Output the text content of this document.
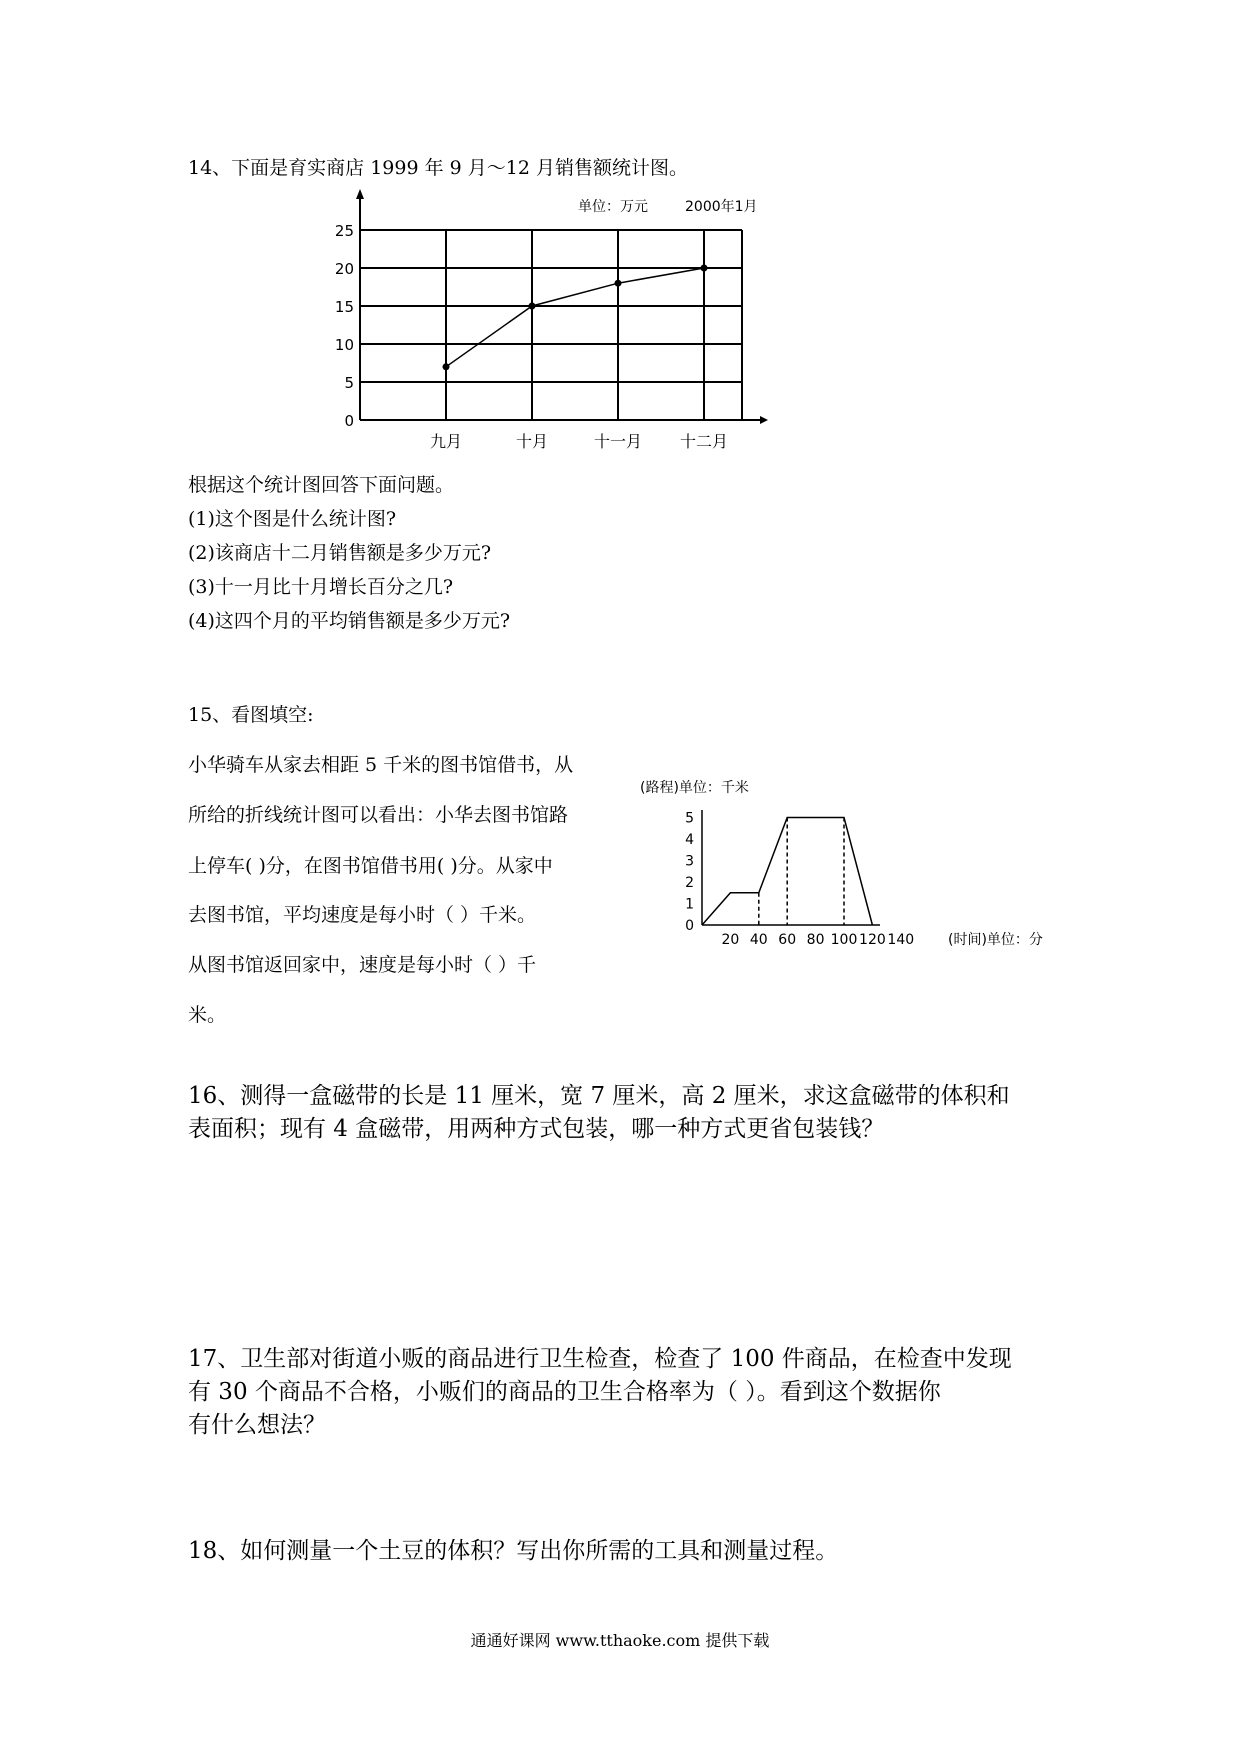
14、下面是育实商店 1999 年 9 月～12 月销售额统计图。
0
5
10
15
20
25
九月	十月	十一月 十二月
单位：万元	2000年1月
根据这个统计图回答下面问题。
(1)这个图是什么统计图?
(2)该商店十二月销售额是多少万元?
(3)十一月比十月增长百分之几?
(4)这四个月的平均销售额是多少万元?
15、看图填空:
小华骑车从家去相距 5 千米的图书馆借书，从
所给的折线统计图可以看出：小华去图书馆路
上停车( )分，在图书馆借书用( )分。从家中
去图书馆，平均速度是每小时（ ）千米。
从图书馆返回家中，速度是每小时（ ）千
米。
0
1
2
3
4
5
20 40 60 80 100 120 140
(路程)单位：千米
(时间)单位：分
16、测得一盒磁带的长是 11 厘米，宽 7 厘米，高 2 厘米，求这盒磁带的体积和
表面积；现有 4 盒磁带，用两种方式包装，哪一种方式更省包装钱？
17、卫生部对街道小贩的商品进行卫生检查，检查了 100 件商品，在检查中发现
有 30 个商品不合格，小贩们的商品的卫生合格率为（ ）。看到这个数据你
有什么想法？
18、如何测量一个土豆的体积？写出你所需的工具和测量过程。
通通好课网 www.tthaoke.com 提供下载
